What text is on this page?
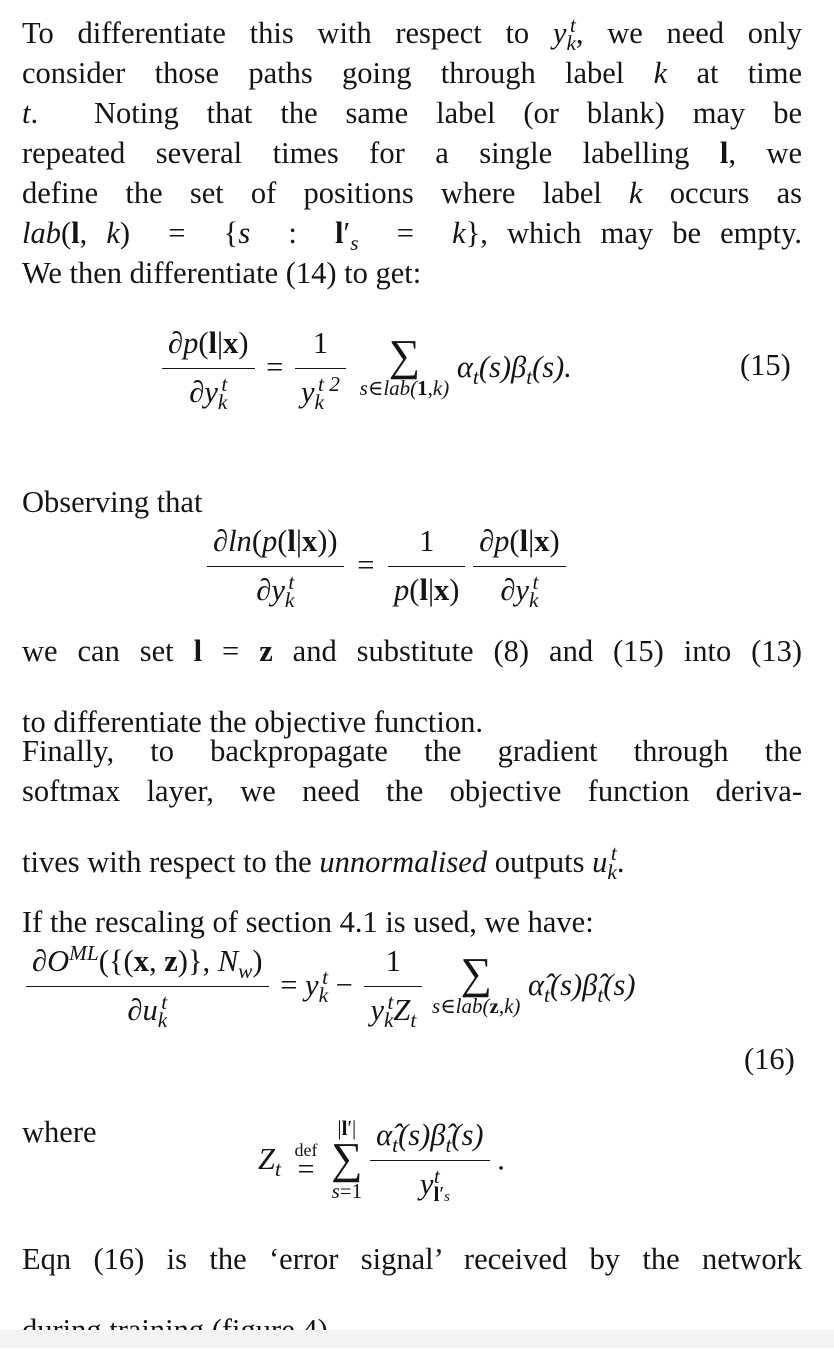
To differentiate this with respect to $y_k^t$, we need only

consider those paths going through label k at time

t.  Noting that the same label (or blank) may be

repeated several times for a single labelling l, we

define the set of positions where label k occurs as

lab(l, k)  =  {s  :  $l'_s = k$}, which may be empty.

We then differentiate (14) to get:

$\frac{\partial p(l|x)}{\partial y_k^t} = \frac{1}{y_k^{t 2}}$
∑
s∈lab(1,k)
$\alpha_t(s)\beta_t(s)$.	(15)

Observing that

$\frac{\partial\ln(p(l|x))}{\partial y_k^t} = \frac{1}{p(l|x)}$
$\frac{\partial p(l|x)}{\partial y_k^t}$

we can set l = z and substitute (8) and (15) into (13)

to differentiate the objective function.

Finally, to backpropagate the gradient through the

softmax layer, we need the objective function deriva-

tives with respect to the unnormalised outputs $u_k^t$.

If the rescaling of section 4.1 is used, we have:

$\frac{\partial O^{ML}(\{(x, z)\}, N_w)}{\partial u_k^t} = y_k^t - \frac{1}{y_k^tZ_t}$
∑
s∈lab(z,k)
$\alphâ_t(s)\betâ_t(s)$
(16)

where

$Z_t$
def
=

|l′|
∑
s=1
$\frac{\alphâ_t(s)\betâ_t(s)}{y_{l's}^t}$ .

Eqn (16) is the ‘error signal’ received by the network
